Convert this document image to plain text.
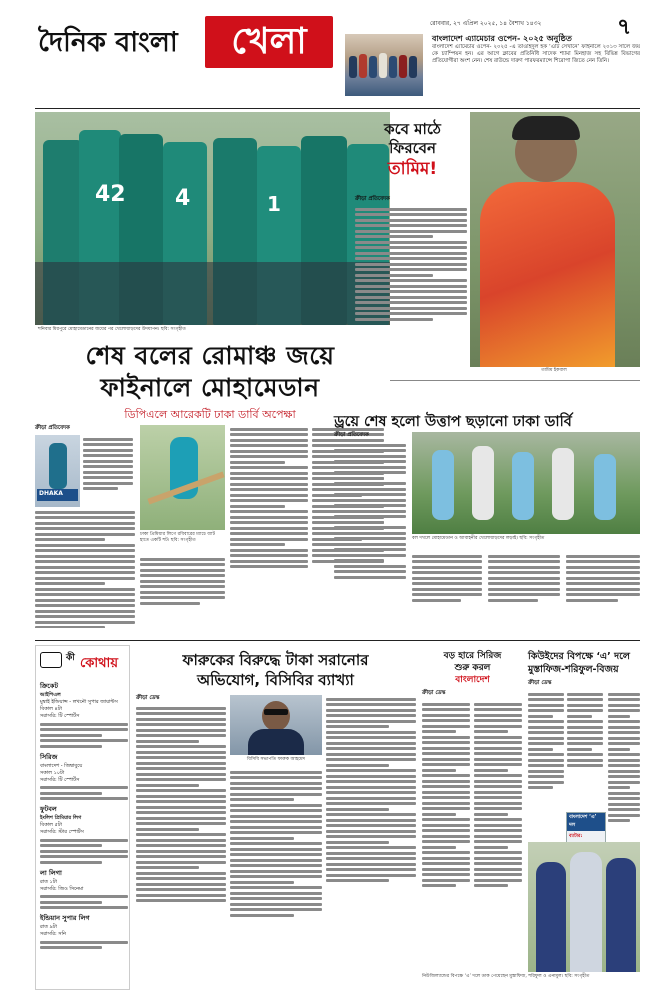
দৈনিক বাংলা	খেলা	রোববার, ২৭ এপ্রিল ২০২৫, ১৪ বৈশাখ ১৪৩২	৭
বাংলাদেশ এ্যামেচার ওপেন- ২০২৫ অনুষ্ঠিত
বাংলাদেশ এ্যামেচার ওপেন- ২০২৫ -এ তাওহিদুল হক ‘এটি সেখানে’ ফাইনালে ২০১৩ সালে জয় কে চ্যাম্পিয়ন হন। এর আগে ক্লাবের প্রতিনিধি সাদেক শ্যামা মিনহাজ সহ বিভিন্ন বিভাগের প্রতিযোগীরা অংশ নেন। শেষ রাউন্ডে দারুণ পারফরম্যান্সে শিরোপা জিতে নেন তিনি।
42 4	1
শনিবার মিরপুরে মোহামেডানের জয়ের পর খেলোয়াড়দের উদযাপন। ছবি: সংগৃহীত
কবে মাঠে
ফিরবেন
তামিম!
ক্রীড়া প্রতিবেদক
তামিম ইকবাল
শেষ বলের রোমাঞ্চ জয়ে
ফাইনালে মোহামেডান
ডিপিএলে আরেকটি ঢাকা ডার্বি অপেক্ষা
ক্রীড়া প্রতিবেদক
DHAKA
ঢাকা প্রিমিয়ার লিগে রবিবারের ম্যাচে ব্যাট হাতে একটি শট। ছবি: সংগৃহীত
ড্রয়ে শেষ হলো উত্তাপ ছড়ানো ঢাকা ডার্বি
ক্রীড়া প্রতিবেদক
বল দখলে মোহামেডান ও আবাহনীর খেলোয়াড়দের লড়াই। ছবি: সংগৃহীত
কী কোথায়
ক্রিকেট
আইপিএল
মুম্বাই ইন্ডিয়ান্স - লখনৌ সুপার জায়ান্টস
বিকাল ৪টা
সরাসরি: টি স্পোর্টস
সিরিজ
বাংলাদেশ - জিম্বাবুয়ে
সকাল ১০টা
সরাসরি: টি স্পোর্টস
ফুটবল
ইংলিশ প্রিমিয়ার লিগ
বিকাল ৫টা
সরাসরি: স্টার স্পোর্টস
লা লিগা
রাত ১টা
সরাসরি: জিও সিনেমা
ইন্ডিয়ান সুপার লিগ
রাত ৯টা
সরাসরি: সনি
ফারুকের বিরুদ্ধে টাকা সরানোর
অভিযোগ, বিসিবির ব্যাখ্যা
ক্রীড়া ডেস্ক
বিসিবি সভাপতি ফারুক আহমেদ
বড় হারে সিরিজ
শুরু করল
বাংলাদেশ
ক্রীড়া ডেস্ক
কিউইদের বিপক্ষে ‘এ’ দলে
মুস্তাফিজ-শরিফুল-বিজয়
ক্রীড়া ডেস্ক
বাংলাদেশ ‘এ’ দল
ব্যাটার:
নিউজিল্যান্ডের বিপক্ষে ‘এ’ দলে ডাক পেয়েছেন মুস্তাফিজ, শরিফুল ও এনামুল। ছবি: সংগৃহীত
